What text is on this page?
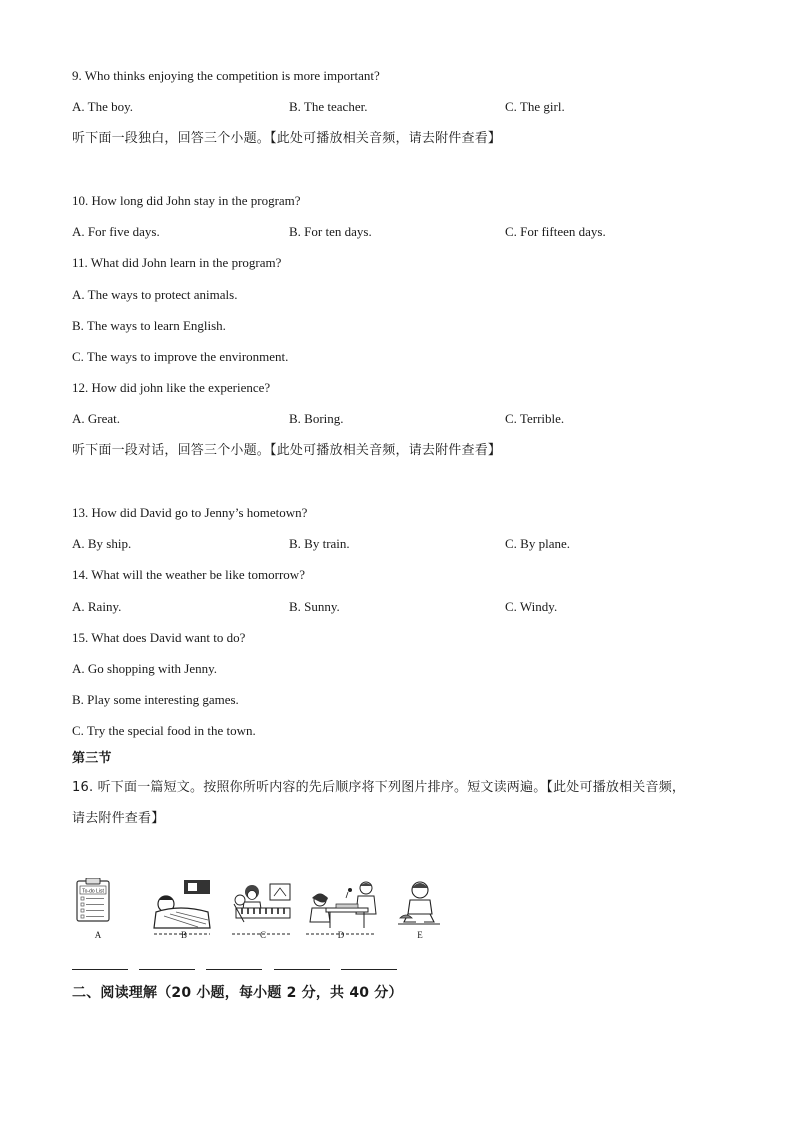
9. Who thinks enjoying the competition is more important?
A. The boy.	B. The teacher.	C. The girl.
听下面一段独白，回答三个小题。【此处可播放相关音频，请去附件查看】
10. How long did John stay in the program?
A. For five days.	B. For ten days.	C. For fifteen days.
11. What did John learn in the program?
A. The ways to protect animals.
B. The ways to learn English.
C. The ways to improve the environment.
12. How did john like the experience?
A. Great.	B. Boring.	C. Terrible.
听下面一段对话，回答三个小题。【此处可播放相关音频，请去附件查看】
13. How did David go to Jenny’s hometown?
A. By ship.	B. By train.	C. By plane.
14. What will the weather be like tomorrow?
A. Rainy.	B. Sunny.	C. Windy.
15. What does David want to do?
A. Go shopping with Jenny.
B. Play some interesting games.
C. Try the special food in the town.
第三节
16. 听下面一篇短文。按照你所听内容的先后顺序将下列图片排序。短文读两遍。【此处可播放相关音频，
请去附件查看】
To-do List
A	B	C	D	E
二、阅读理解（20 小题，每小题 2 分，共 40 分）
